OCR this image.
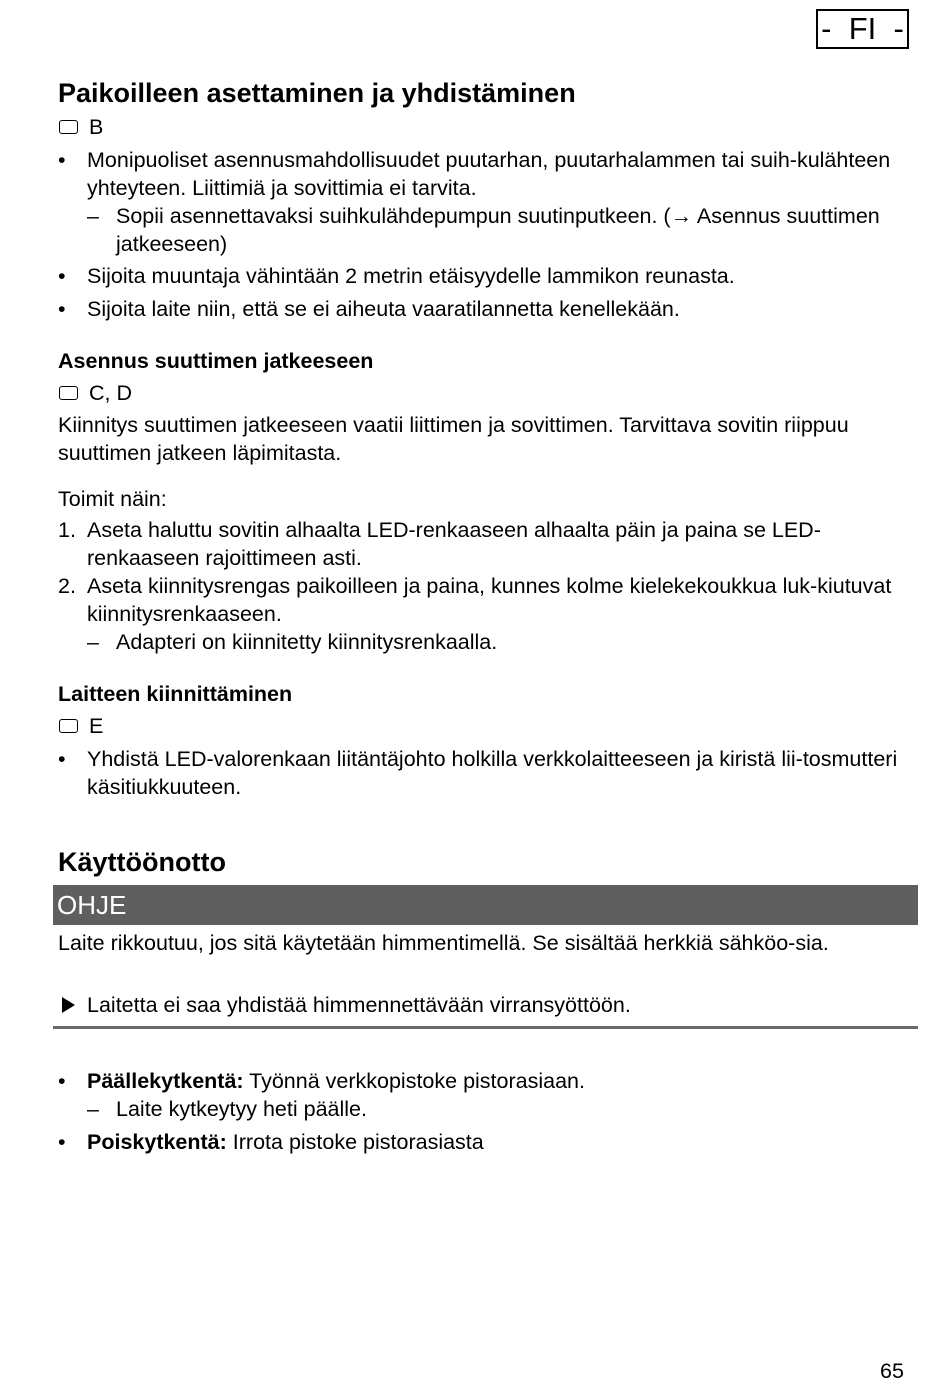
-  FI  -
Paikoilleen asettaminen ja yhdistäminen
B
• Monipuoliset asennusmahdollisuudet puutarhan, puutarhalammen tai suih-kulähteen yhteyteen. Liittimiä ja sovittimia ei tarvita.
– Sopii asennettavaksi suihkulähdepumpun suutinputkeen. (→ Asennus suuttimen jatkeeseen)
• Sijoita muuntaja vähintään 2 metrin etäisyydelle lammikon reunasta.
• Sijoita laite niin, että se ei aiheuta vaaratilannetta kenellekään.
Asennus suuttimen jatkeeseen
C, D
Kiinnitys suuttimen jatkeeseen vaatii liittimen ja sovittimen. Tarvittava sovitin riippuu suuttimen jatkeen läpimitasta.
Toimit näin:
1. Aseta haluttu sovitin alhaalta LED-renkaaseen alhaalta päin ja paina se LED-renkaaseen rajoittimeen asti.
2. Aseta kiinnitysrengas paikoilleen ja paina, kunnes kolme kielekekoukkua luk-kiutuvat kiinnitysrenkaaseen.
– Adapteri on kiinnitetty kiinnitysrenkaalla.
Laitteen kiinnittäminen
E
• Yhdistä LED-valorenkaan liitäntäjohto holkilla verkkolaitteeseen ja kiristä lii-tosmutteri käsitiukkuuteen.
Käyttöönotto
OHJE
Laite rikkoutuu, jos sitä käytetään himmentimellä. Se sisältää herkkiä sähköo-sia.
Laitetta ei saa yhdistää himmennettävään virransyöttöön.
• Päällekytkentä: Työnnä verkkopistoke pistorasiaan.
– Laite kytkeytyy heti päälle.
• Poiskytkentä: Irrota pistoke pistorasiasta
65
